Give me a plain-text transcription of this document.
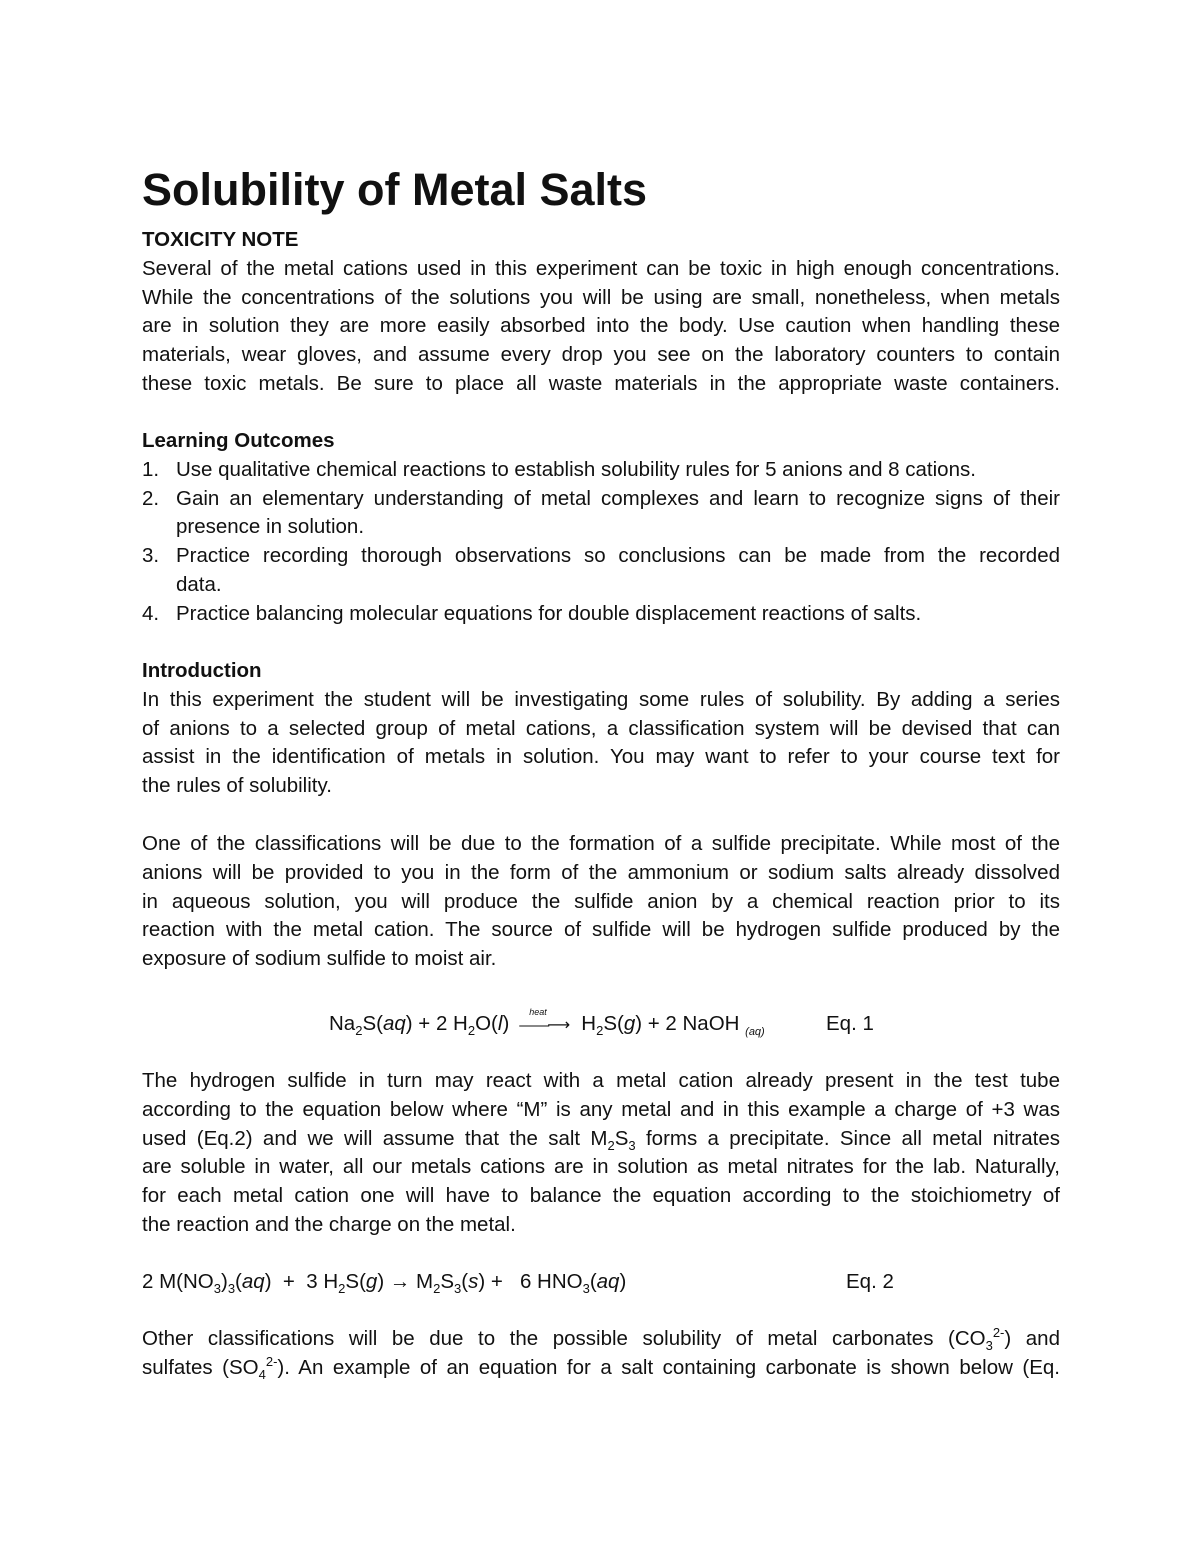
Solubility of Metal Salts
TOXICITY NOTE
Several of the metal cations used in this experiment can be toxic in high enough concentrations.
While the concentrations of the solutions you will be using are small, nonetheless, when metals
are in solution they are more easily absorbed into the body. Use caution when handling these
materials, wear gloves, and assume every drop you see on the laboratory counters to contain
these toxic metals. Be sure to place all waste materials in the appropriate waste containers.
Learning Outcomes
1. Use qualitative chemical reactions to establish solubility rules for 5 anions and 8 cations.
2. Gain an elementary understanding of metal complexes and learn to recognize signs of their
presence in solution.
3. Practice recording thorough observations so conclusions can be made from the recorded
data.
4. Practice balancing molecular equations for double displacement reactions of salts.
Introduction
In this experiment the student will be investigating some rules of solubility. By adding a series
of anions to a selected group of metal cations, a classification system will be devised that can
assist in the identification of metals in solution. You may want to refer to your course text for
the rules of solubility.
One of the classifications will be due to the formation of a sulfide precipitate. While most of the
anions will be provided to you in the form of the ammonium or sodium salts already dissolved
in aqueous solution, you will produce the sulfide anion by a chemical reaction prior to its
reaction with the metal cation. The source of sulfide will be hydrogen sulfide produced by the
exposure of sodium sulfide to moist air.
$Na_2S(aq) + 2$ $H_2O(l)$ heat
——⟶ $H_2S(g) + 2$ NaOH $_{(aq)}$	Eq. 1
The hydrogen sulfide in turn may react with a metal cation already present in the test tube
according to the equation below where “M” is any metal and in this example a charge of +3 was
used (Eq.2) and we will assume that the salt $M_2S_3$ forms a precipitate. Since all metal nitrates
are soluble in water, all our metals cations are in solution as metal nitrates for the lab. Naturally,
for each metal cation one will have to balance the equation according to the stoichiometry of
the reaction and the charge on the metal.
2 $M(NO_3)_3(aq) + 3$ $H_2S(g) \to M_2S_3(s) + 6$ $HNO_3(aq)$	Eq. 2
Other classifications will be due to the possible solubility of metal carbonates $(CO_3^{2-})$ and
sulfates $(SO_4^{2-})$. An example of an equation for a salt containing carbonate is shown below (Eq.
